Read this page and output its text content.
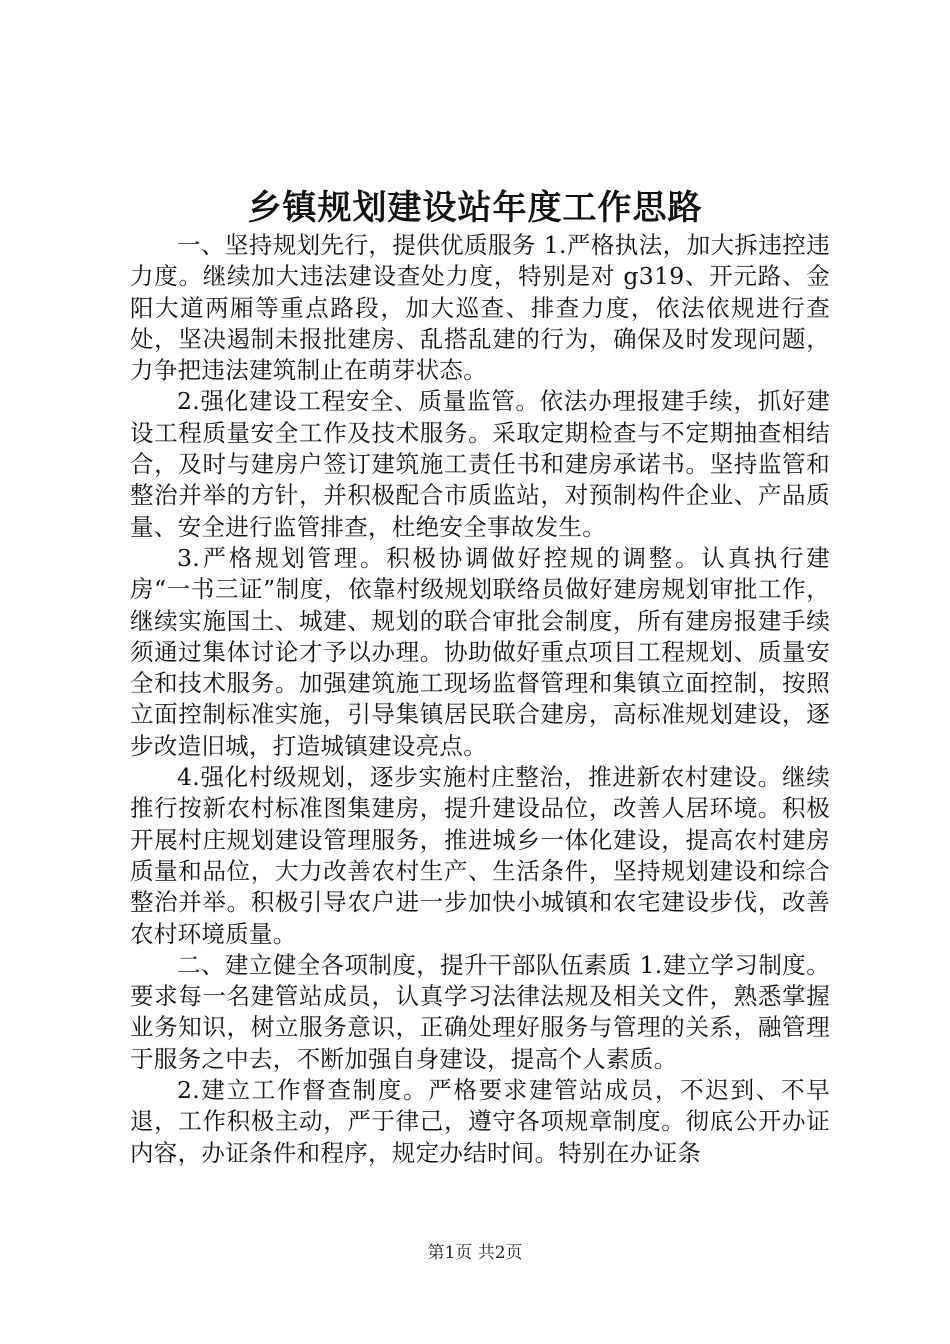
乡镇规划建设站年度工作思路

一、坚持规划先行，提供优质服务 1.严格执法，加大拆违控违力度。继续加大违法建设查处力度，特别是对 g319、开元路、金阳大道两厢等重点路段，加大巡查、排查力度，依法依规进行查处，坚决遏制未报批建房、乱搭乱建的行为，确保及时发现问题，力争把违法建筑制止在萌芽状态。

2.强化建设工程安全、质量监管。依法办理报建手续，抓好建设工程质量安全工作及技术服务。采取定期检查与不定期抽查相结合，及时与建房户签订建筑施工责任书和建房承诺书。坚持监管和整治并举的方针，并积极配合市质监站，对预制构件企业、产品质量、安全进行监管排查，杜绝安全事故发生。

3.严格规划管理。积极协调做好控规的调整。认真执行建房“一书三证”制度，依靠村级规划联络员做好建房规划审批工作，继续实施国土、城建、规划的联合审批会制度，所有建房报建手续须通过集体讨论才予以办理。协助做好重点项目工程规划、质量安全和技术服务。加强建筑施工现场监督管理和集镇立面控制，按照立面控制标准实施，引导集镇居民联合建房，高标准规划建设，逐步改造旧城，打造城镇建设亮点。

4.强化村级规划，逐步实施村庄整治，推进新农村建设。继续推行按新农村标准图集建房，提升建设品位，改善人居环境。积极开展村庄规划建设管理服务，推进城乡一体化建设，提高农村建房质量和品位，大力改善农村生产、生活条件，坚持规划建设和综合整治并举。积极引导农户进一步加快小城镇和农宅建设步伐，改善农村环境质量。

二、建立健全各项制度，提升干部队伍素质 1.建立学习制度。要求每一名建管站成员，认真学习法律法规及相关文件，熟悉掌握业务知识，树立服务意识，正确处理好服务与管理的关系，融管理于服务之中去，不断加强自身建设，提高个人素质。

2.建立工作督查制度。严格要求建管站成员，不迟到、不早退，工作积极主动，严于律己，遵守各项规章制度。彻底公开办证内容，办证条件和程序，规定办结时间。特别在办证条

第1页 共2页
